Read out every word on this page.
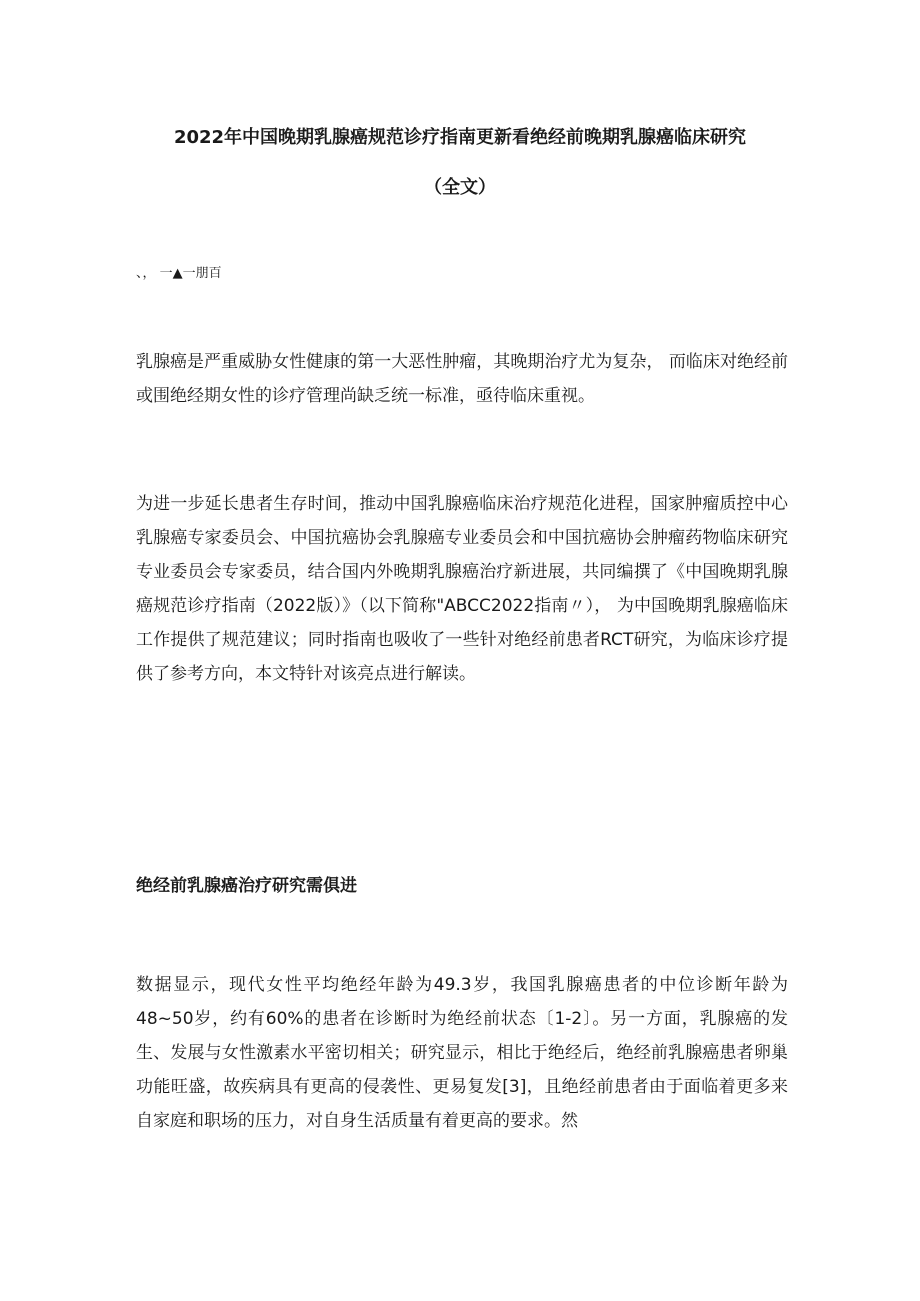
2022年中国晚期乳腺癌规范诊疗指南更新看绝经前晚期乳腺癌临床研究
（全文）
、， 一▲一朋百

乳腺癌是严重威胁女性健康的第一大恶性肿瘤，其晚期治疗尤为复杂， 而临床对绝经前或围绝经期女性的诊疗管理尚缺乏统一标准，亟待临床重视。

为进一步延长患者生存时间，推动中国乳腺癌临床治疗规范化进程，国家肿瘤质控中心乳腺癌专家委员会、中国抗癌协会乳腺癌专业委员会和中国抗癌协会肿瘤药物临床研究专业委员会专家委员，结合国内外晚期乳腺癌治疗新进展，共同编撰了《中国晚期乳腺癌规范诊疗指南（2022版）》（以下简称"ABCC2022指南〃）， 为中国晚期乳腺癌临床工作提供了规范建议；同时指南也吸收了一些针对绝经前患者RCT研究，为临床诊疗提供了参考方向，本文特针对该亮点进行解读。

绝经前乳腺癌治疗研究需俱进

数据显示，现代女性平均绝经年龄为49.3岁，我国乳腺癌患者的中位诊断年龄为48~50岁，约有60%的患者在诊断时为绝经前状态〔1-2〕。另一方面，乳腺癌的发生、发展与女性激素水平密切相关；研究显示，相比于绝经后，绝经前乳腺癌患者卵巢功能旺盛，故疾病具有更高的侵袭性、更易复发[3]，且绝经前患者由于面临着更多来自家庭和职场的压力，对自身生活质量有着更高的要求。然
